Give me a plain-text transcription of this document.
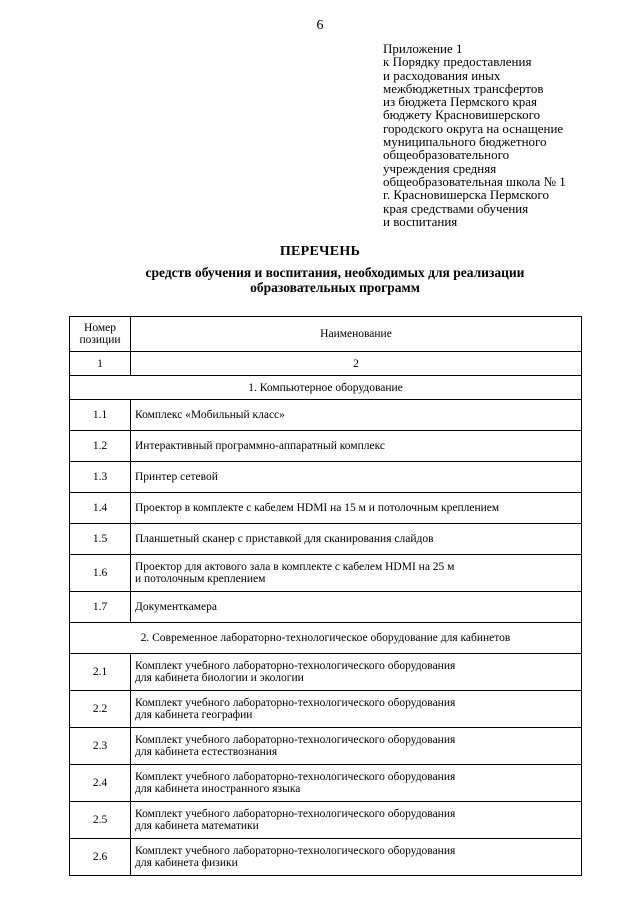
6
Приложение 1
к Порядку предоставления
и расходования иных
межбюджетных трансфертов
из бюджета Пермского края
бюджету Красновишерского
городского округа на оснащение
муниципального бюджетного
общеобразовательного
учреждения средняя
общеобразовательная школа № 1
г. Красновишерска Пермского
края средствами обучения
и воспитания
ПЕРЕЧЕНЬ
средств обучения и воспитания, необходимых для реализации
образовательных программ
Номер
позиции	Наименование
1	2
1. Компьютерное оборудование	
1.1	Комплекс «Мобильный класс»

1.2	Интерактивный программно-аппаратный комплекс

1.3	Принтер сетевой

1.4	Проектор в комплекте с кабелем HDMI на 15 м и потолочным креплением

1.5	Планшетный сканер с приставкой для сканирования слайдов

1.6	Проектор для актового зала в комплекте с кабелем HDMI на 25 м
и потолочным креплением

1.7	Документкамера

2. Современное лабораторно-технологическое оборудование для кабинетов	
2.1	Комплект учебного лабораторно-технологического оборудования
для кабинета биологии и экологии

2.2	Комплект учебного лабораторно-технологического оборудования
для кабинета географии

2.3	Комплект учебного лабораторно-технологического оборудования
для кабинета естествознания

2.4	Комплект учебного лабораторно-технологического оборудования
для кабинета иностранного языка

2.5	Комплект учебного лабораторно-технологического оборудования
для кабинета математики

2.6	Комплект учебного лабораторно-технологического оборудования
для кабинета физики
